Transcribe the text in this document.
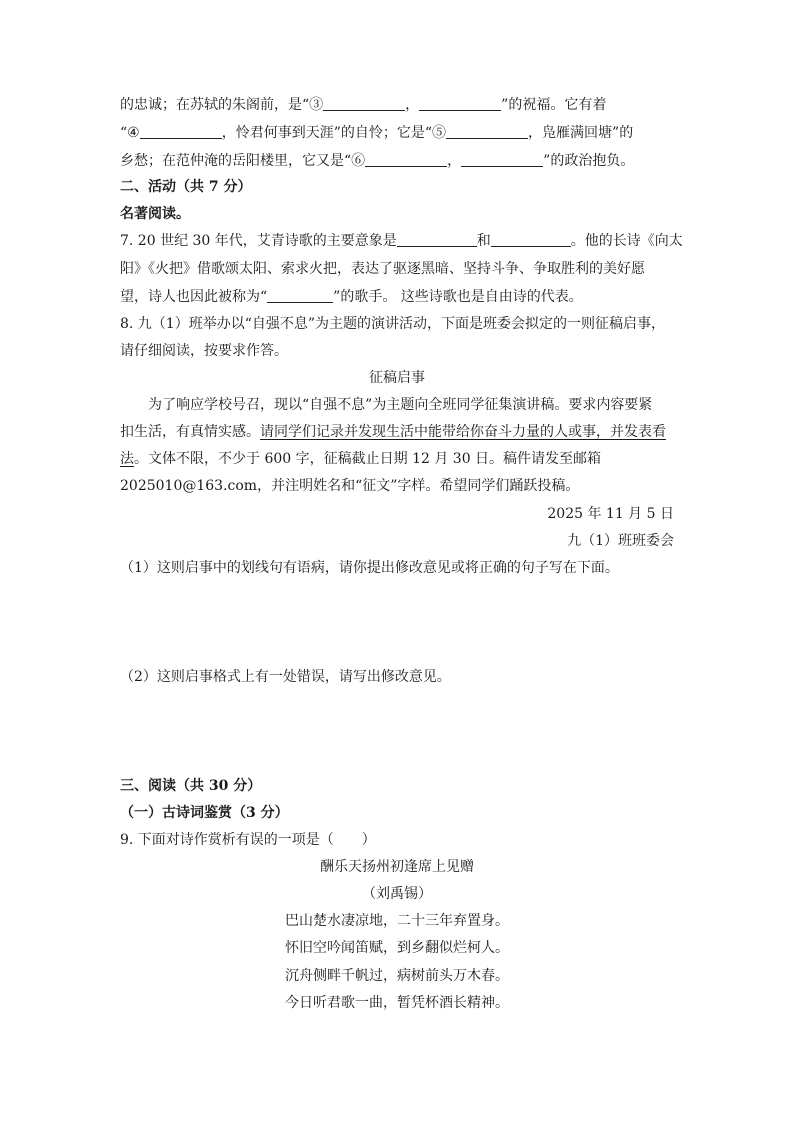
的忠诚；在苏轼的朱阁前，是“③	，	”的祝福。它有着
“④	，怜君何事到天涯”的自怜；它是“⑤	，凫雁满回塘”的
乡愁；在范仲淹的岳阳楼里，它又是“⑥	，	”的政治抱负。
二、活动（共 7 分）
名著阅读。
7. 20 世纪 30 年代，艾青诗歌的主要意象是	和	。他的长诗《向太
阳》《火把》借歌颂太阳、索求火把，表达了驱逐黑暗、坚持斗争、争取胜利的美好愿
望，诗人也因此被称为“	”的歌手。 这些诗歌也是自由诗的代表。
8. 九（1）班举办以“自强不息”为主题的演讲活动，下面是班委会拟定的一则征稿启事，
请仔细阅读，按要求作答。
征稿启事
为了响应学校号召，现以“自强不息”为主题向全班同学征集演讲稿。要求内容要紧
扣生活，有真情实感。请同学们记录并发现生活中能带给你奋斗力量的人或事，并发表看
法。文体不限，不少于 600 字，征稿截止日期 12 月 30 日。稿件请发至邮箱
2025010@163.com，并注明姓名和“征文”字样。希望同学们踊跃投稿。
2025 年 11 月 5 日
九（1）班班委会
（1）这则启事中的划线句有语病，请你提出修改意见或将正确的句子写在下面。
（2）这则启事格式上有一处错误，请写出修改意见。
三、阅读（共 30 分）
（一）古诗词鉴赏（3 分）
9. 下面对诗作赏析有误的一项是（　　）
酬乐天扬州初逢席上见赠
（刘禹锡）
巴山楚水凄凉地，二十三年弃置身。
怀旧空吟闻笛赋，到乡翻似烂柯人。
沉舟侧畔千帆过，病树前头万木春。
今日听君歌一曲，暂凭杯酒长精神。
